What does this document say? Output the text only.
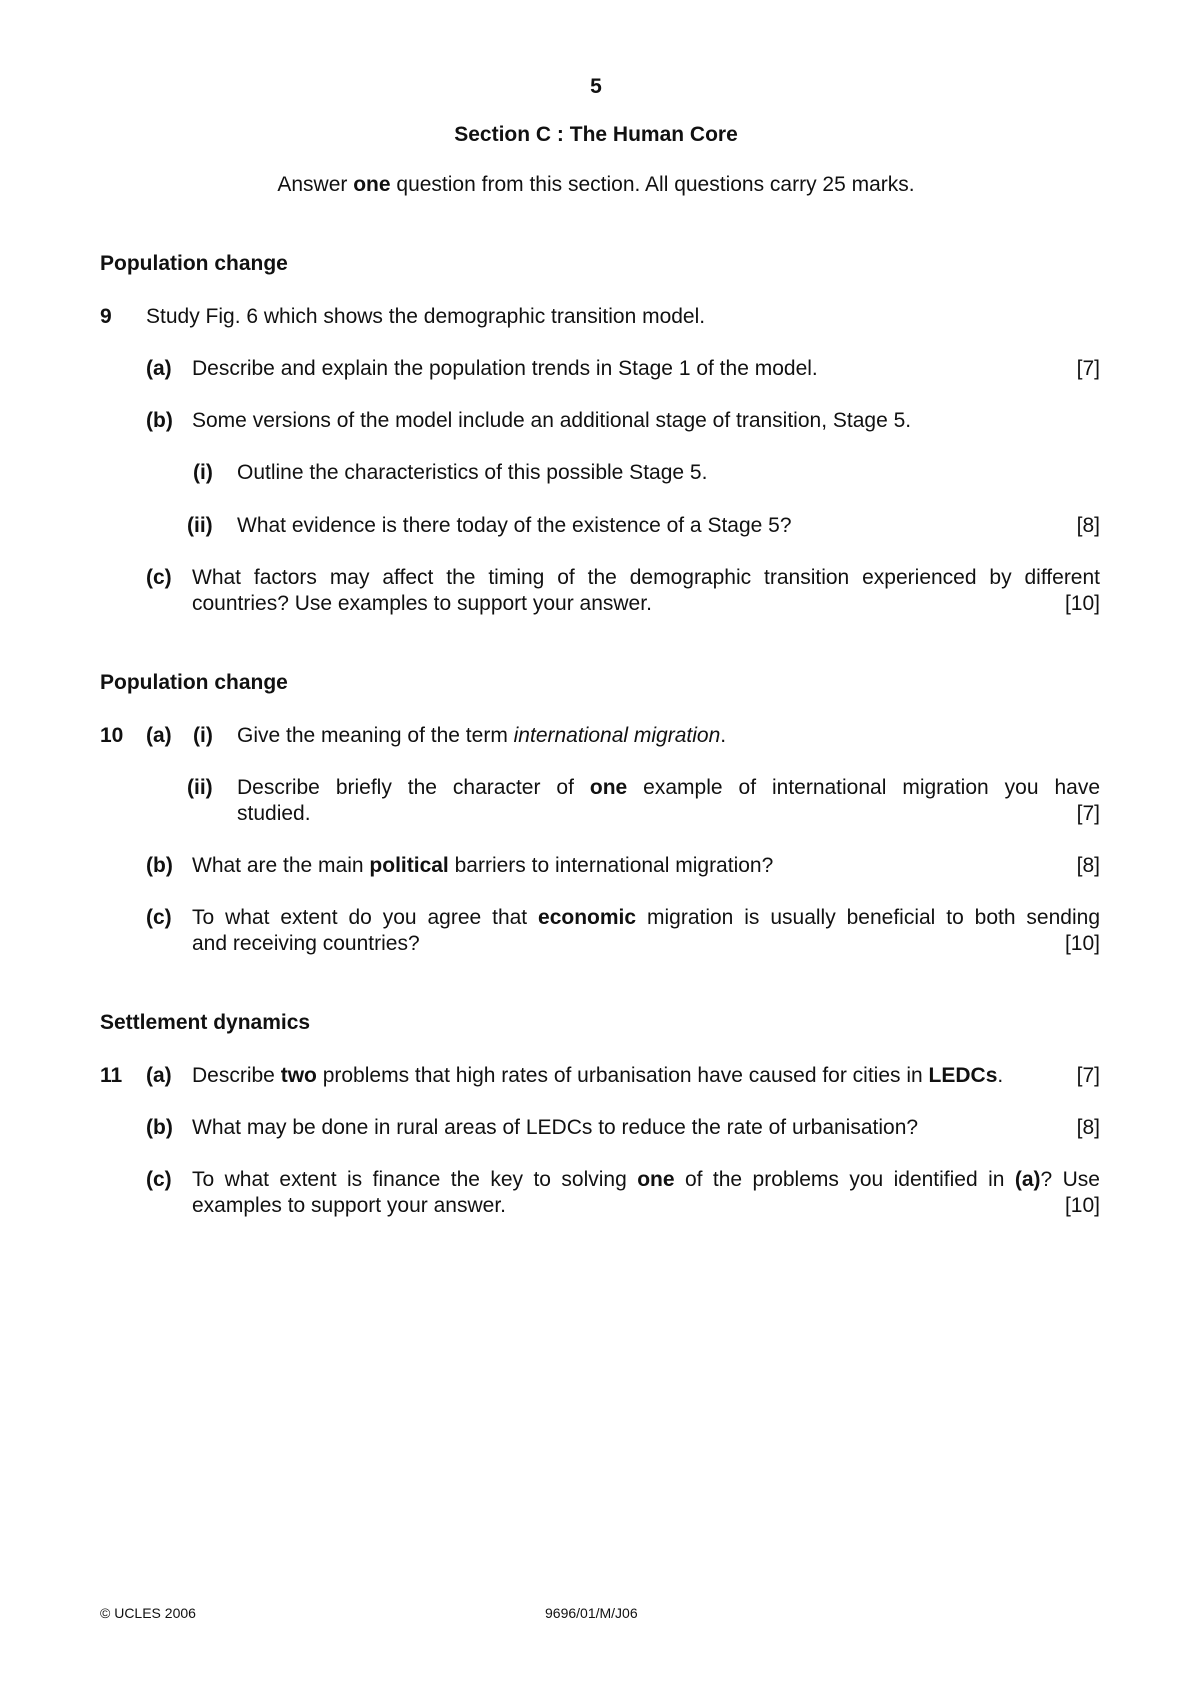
5
Section C : The Human Core
Answer one question from this section. All questions carry 25 marks.
Population change
9 Study Fig. 6 which shows the demographic transition model.
(a) Describe and explain the population trends in Stage 1 of the model.	[7]
(b) Some versions of the model include an additional stage of transition, Stage 5.
(i) Outline the characteristics of this possible Stage 5.
(ii) What evidence is there today of the existence of a Stage 5?	[8]
(c) What factors may affect the timing of the demographic transition experienced by different
countries? Use examples to support your answer.	[10]
Population change
10 (a) (i) Give the meaning of the term international migration.
(ii) Describe briefly the character of one example of international migration you have
studied.	[7]
(b) What are the main political barriers to international migration?	[8]
(c) To what extent do you agree that economic migration is usually beneficial to both sending
and receiving countries?	[10]
Settlement dynamics
11 (a) Describe two problems that high rates of urbanisation have caused for cities in LEDCs.	[7]
(b) What may be done in rural areas of LEDCs to reduce the rate of urbanisation?	[8]
(c) To what extent is finance the key to solving one of the problems you identified in (a)? Use
examples to support your answer.	[10]
© UCLES 2006	9696/01/M/J06
